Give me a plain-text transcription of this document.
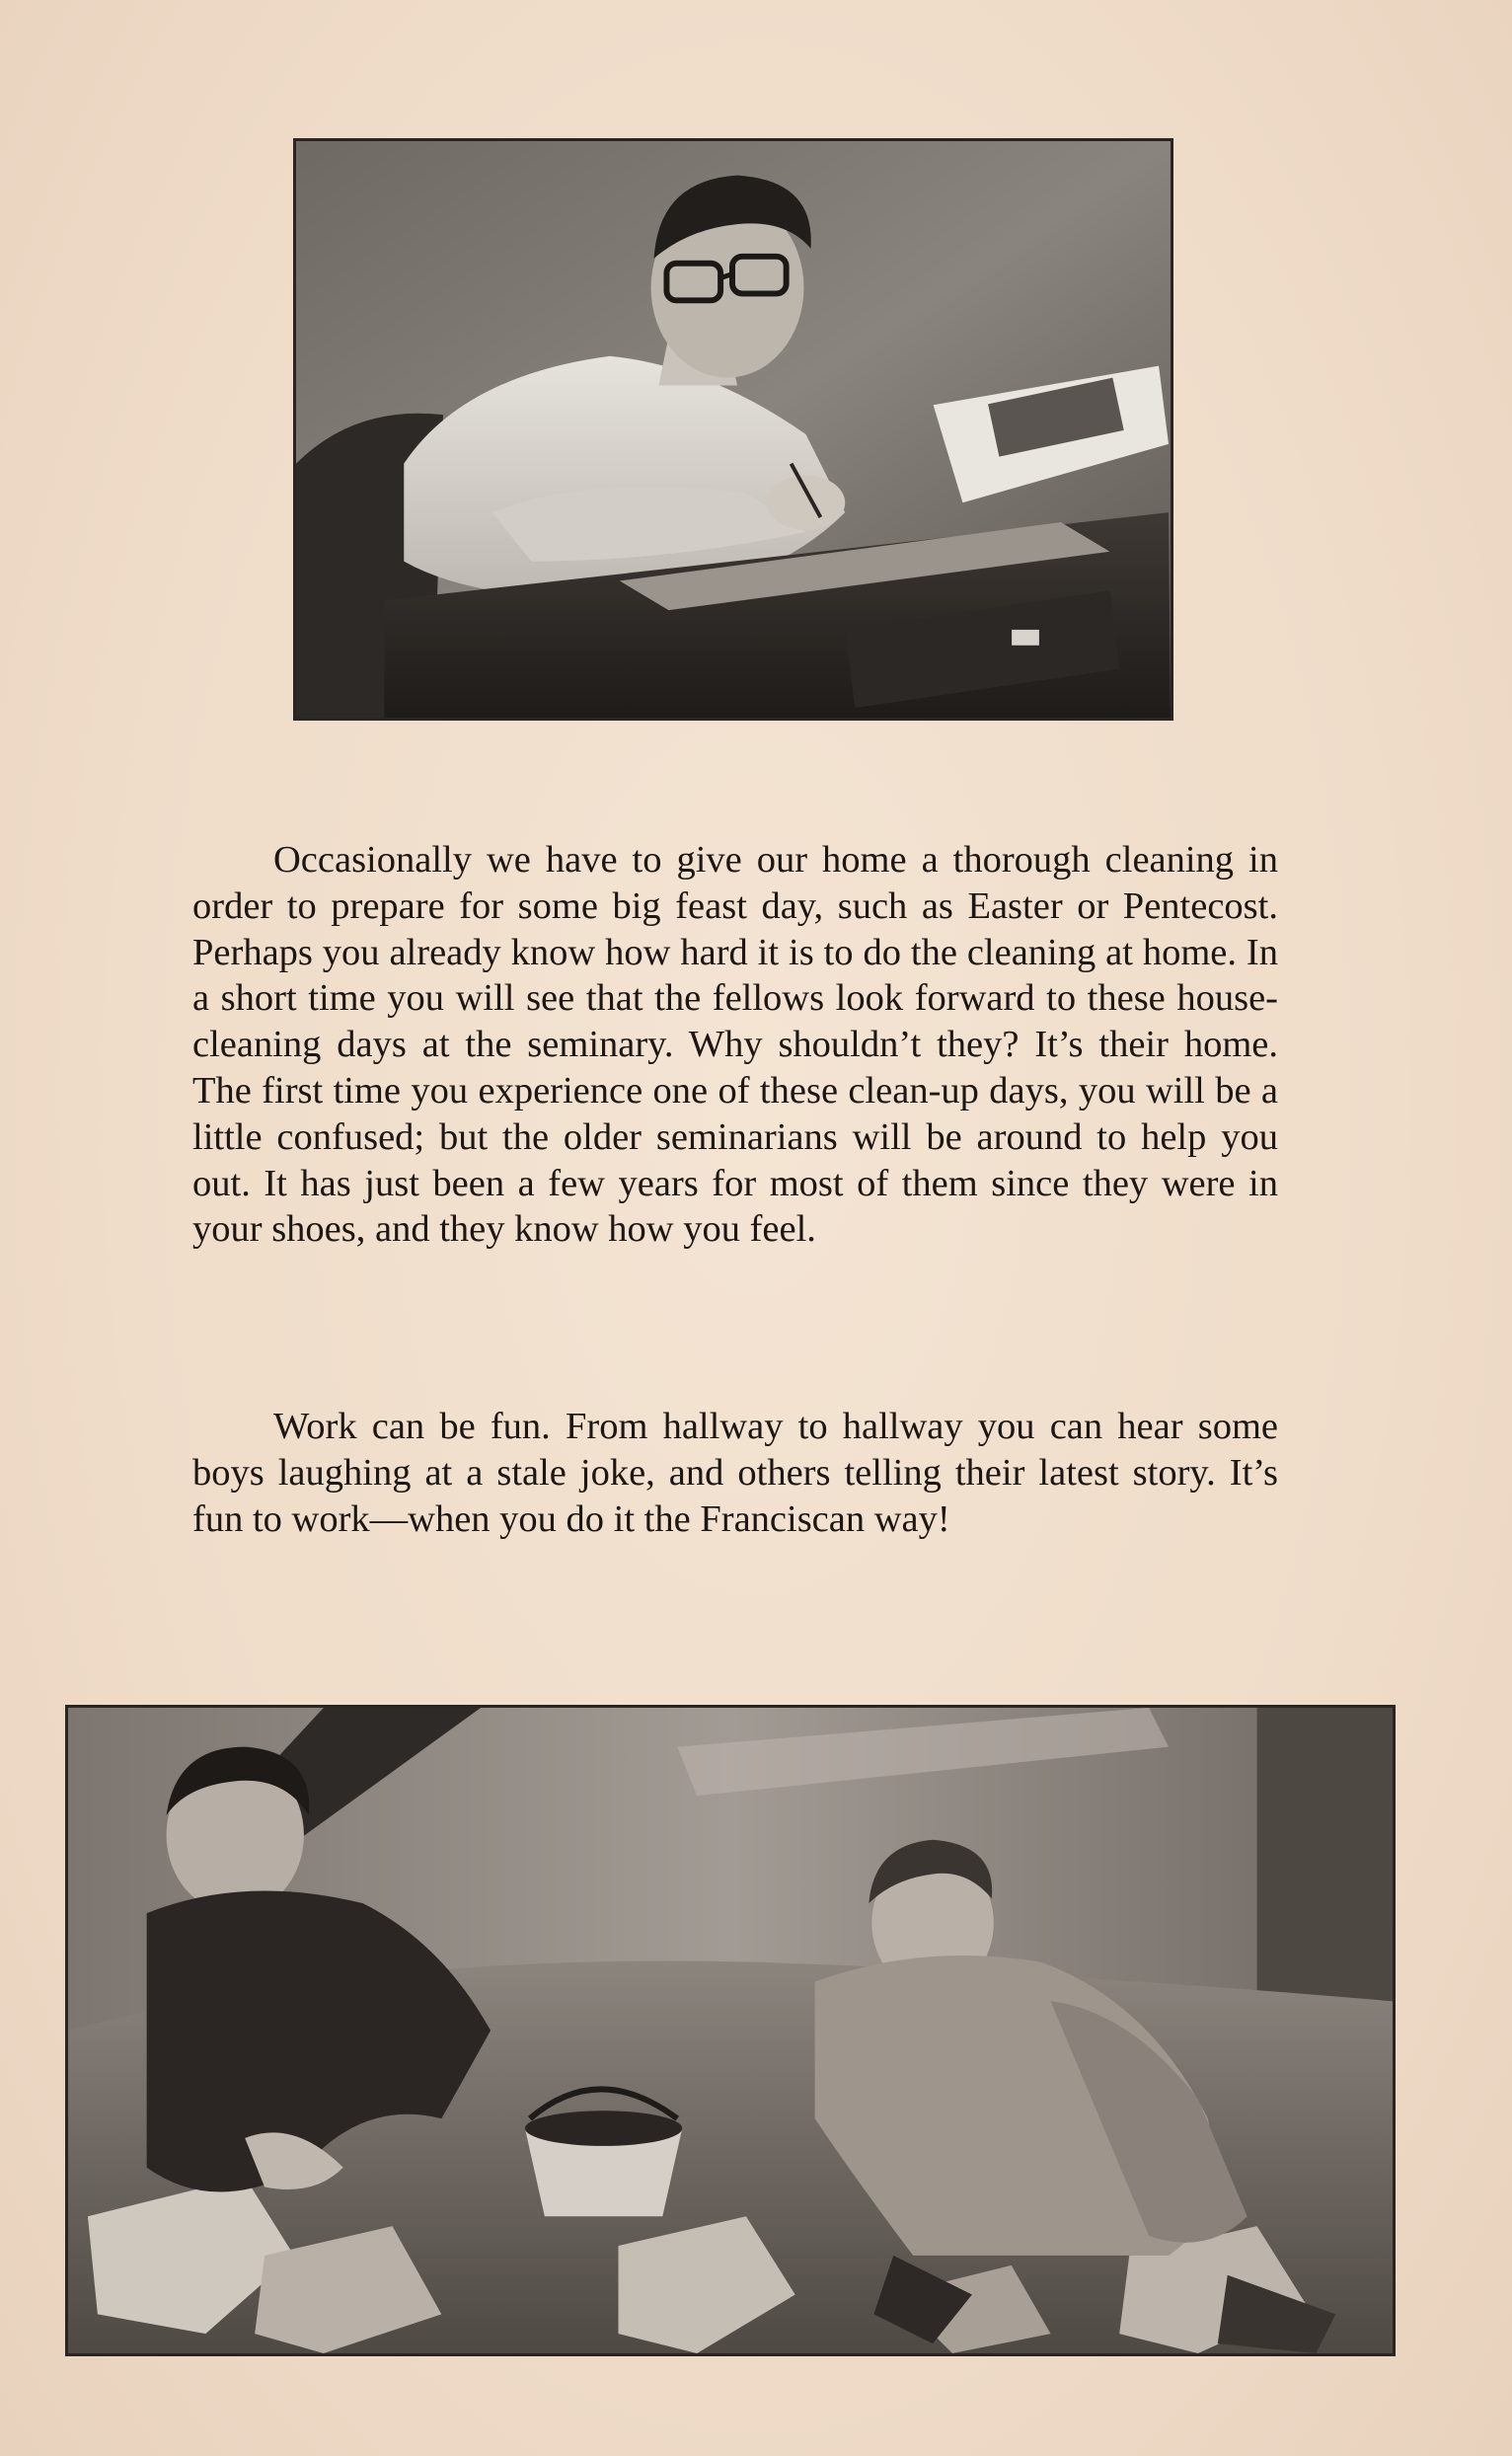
Occasionally we have to give our home a thorough cleaning in order to prepare for some big feast day, such as Easter or Pentecost. Perhaps you already know how hard it is to do the cleaning at home. In a short time you will see that the fellows look forward to these house-cleaning days at the seminary. Why shouldn’t they? It’s their home. The first time you experience one of these clean-up days, you will be a little confused; but the older seminarians will be around to help you out. It has just been a few years for most of them since they were in your shoes, and they know how you feel.

Work can be fun. From hallway to hallway you can hear some boys laughing at a stale joke, and others telling their latest story. It’s fun to work—when you do it the Franciscan way!
